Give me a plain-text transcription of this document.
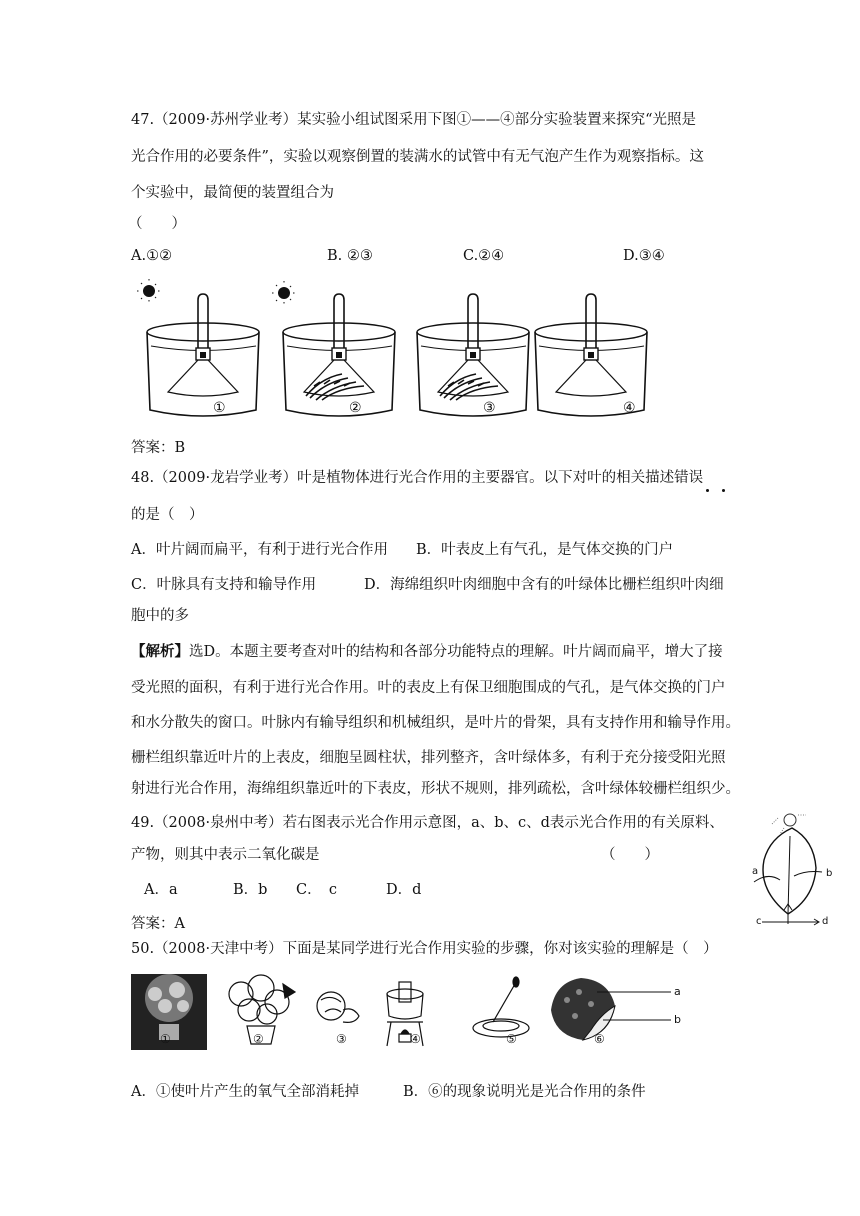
47.（2009·苏州学业考）某实验小组试图采用下图①——④部分实验装置来探究“光照是
光合作用的必要条件”，实验以观察倒置的装满水的试管中有无气泡产生作为观察指标。这
个实验中，最简便的装置组合为
（　　）
A.①②	B. ②③	C.②④	D.③④
①	②	③	④
答案：B
48.（2009·龙岩学业考）叶是植物体进行光合作用的主要器官。以下对叶的相关描述错误
的是（　）
A．叶片阔而扁平，有利于进行光合作用 B．叶表皮上有气孔，是气体交换的门户
C．叶脉具有支持和输导作用	D．海绵组织叶肉细胞中含有的叶绿体比栅栏组织叶肉细
胞中的多
【解析】选D。本题主要考查对叶的结构和各部分功能特点的理解。叶片阔而扁平，增大了接
受光照的面积，有利于进行光合作用。叶的表皮上有保卫细胞围成的气孔，是气体交换的门户
和水分散失的窗口。叶脉内有输导组织和机械组织，是叶片的骨架，具有支持作用和输导作用。
栅栏组织靠近叶片的上表皮，细胞呈圆柱状，排列整齐，含叶绿体多，有利于充分接受阳光照
射进行光合作用，海绵组织靠近叶的下表皮，形状不规则，排列疏松，含叶绿体较栅栏组织少。
49.（2008·泉州中考）若右图表示光合作用示意图，a、b、c、d表示光合作用的有关原料、
产物，则其中表示二氧化碳是	（　　）
A．a	B．b C．　c	D．d
答案：A
a	b
c	d
50.（2008·天津中考）下面是某同学进行光合作用实验的步骤，你对该实验的理解是（　）
①	②	③	④	⑤	⑥
a
b
A．①使叶片产生的氧气全部消耗掉	B．⑥的现象说明光是光合作用的条件
